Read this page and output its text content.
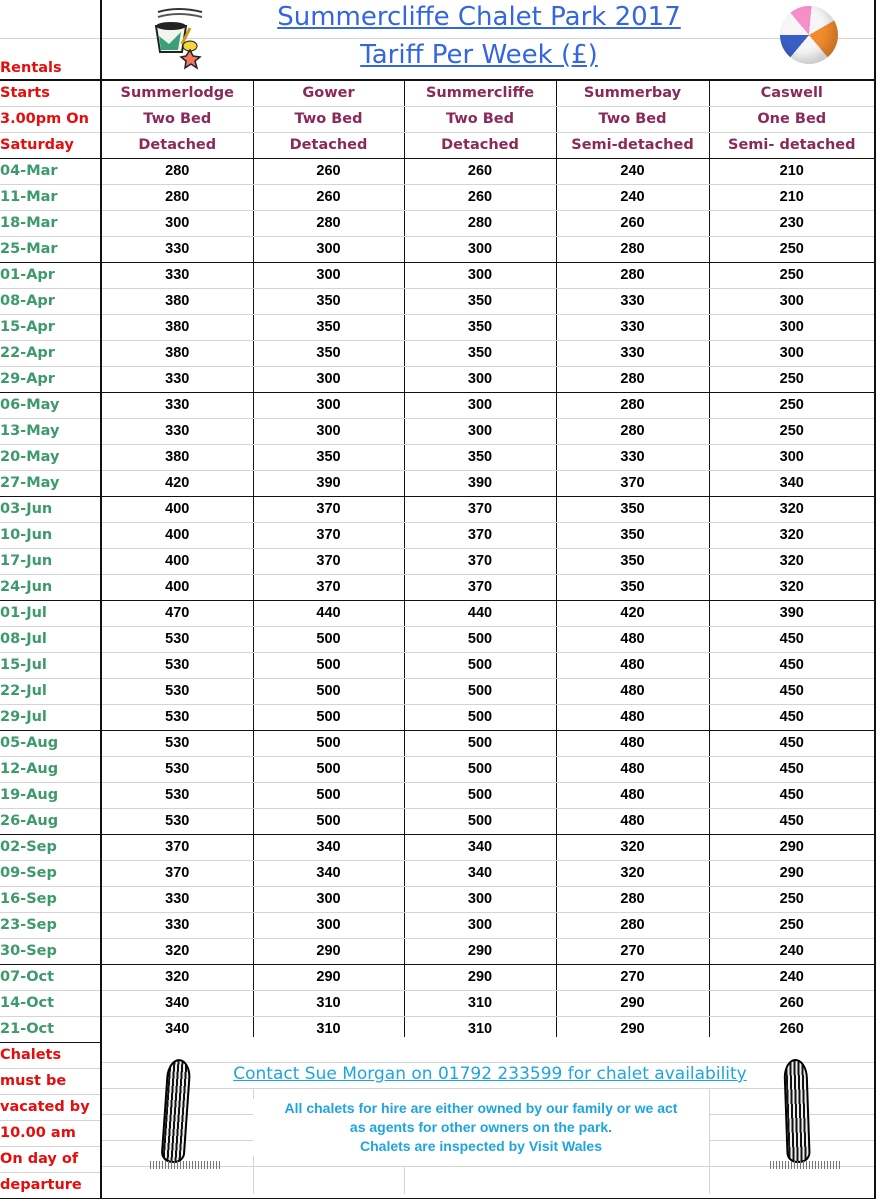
Rentals					
Starts	Summerlodge	Gower	Summercliffe	Summerbay	Caswell
3.00pm On	Two Bed	Two Bed	Two Bed	Two Bed	One Bed
Saturday	Detached	Detached	Detached	Semi-detached	Semi- detached
04-Mar	280	260	260	240	210
11-Mar	280	260	260	240	210
18-Mar	300	280	280	260	230
25-Mar	330	300	300	280	250
01-Apr	330	300	300	280	250
08-Apr	380	350	350	330	300
15-Apr	380	350	350	330	300
22-Apr	380	350	350	330	300
29-Apr	330	300	300	280	250
06-May	330	300	300	280	250
13-May	330	300	300	280	250
20-May	380	350	350	330	300
27-May	420	390	390	370	340
03-Jun	400	370	370	350	320
10-Jun	400	370	370	350	320
17-Jun	400	370	370	350	320
24-Jun	400	370	370	350	320
01-Jul	470	440	440	420	390
08-Jul	530	500	500	480	450
15-Jul	530	500	500	480	450
22-Jul	530	500	500	480	450
29-Jul	530	500	500	480	450
05-Aug	530	500	500	480	450
12-Aug	530	500	500	480	450
19-Aug	530	500	500	480	450
26-Aug	530	500	500	480	450
02-Sep	370	340	340	320	290
09-Sep	370	340	340	320	290
16-Sep	330	300	300	280	250
23-Sep	330	300	300	280	250
30-Sep	320	290	290	270	240
07-Oct	320	290	290	270	240
14-Oct	340	310	310	290	260
21-Oct	340	310	310	290	260
Chalets					
must be					
vacated by					
10.00 am					
On day of					
departure					
Summercliffe Chalet Park 2017
Tariff Per Week (£)
Contact Sue Morgan on 01792 233599 for chalet availability
All chalets for hire are either owned by our family or we act
as agents for other owners on the park.
Chalets are inspected by Visit Wales
